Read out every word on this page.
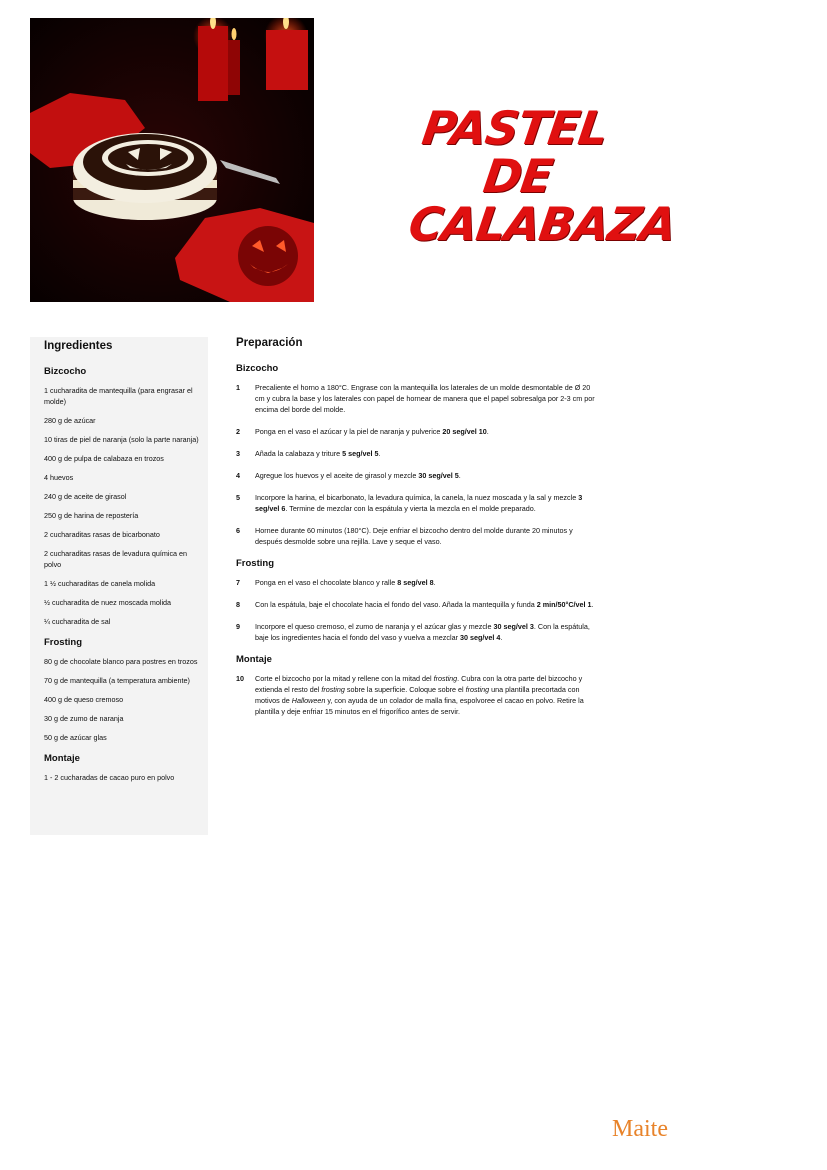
PASTEL
DE
CALABAZA
Ingredientes
Bizcocho
1 cucharadita de mantequilla (para engrasar el molde)
280 g de azúcar
10 tiras de piel de naranja (solo la parte naranja)
400 g de pulpa de calabaza en trozos
4 huevos
240 g de aceite de girasol
250 g de harina de repostería
2 cucharaditas rasas de bicarbonato
2 cucharaditas rasas de levadura química en polvo
1 ½ cucharaditas de canela molida
½ cucharadita de nuez moscada molida
¼ cucharadita de sal
Frosting
80 g de chocolate blanco para postres en trozos
70 g de mantequilla (a temperatura ambiente)
400 g de queso cremoso
30 g de zumo de naranja
50 g de azúcar glas
Montaje
1 - 2 cucharadas de cacao puro en polvo
Preparación
Bizcocho
1 Precaliente el horno a 180°C. Engrase con la mantequilla los laterales de un molde desmontable de Ø 20 cm y cubra la base y los laterales con papel de hornear de manera que el papel sobresalga por 2-3 cm por encima del borde del molde.
2 Ponga en el vaso el azúcar y la piel de naranja y pulverice 20 seg/vel 10.
3 Añada la calabaza y triture 5 seg/vel 5.
4 Agregue los huevos y el aceite de girasol y mezcle 30 seg/vel 5.
5 Incorpore la harina, el bicarbonato, la levadura química, la canela, la nuez moscada y la sal y mezcle 3 seg/vel 6. Termine de mezclar con la espátula y vierta la mezcla en el molde preparado.
6 Hornee durante 60 minutos (180°C). Deje enfriar el bizcocho dentro del molde durante 20 minutos y después desmolde sobre una rejilla. Lave y seque el vaso.
Frosting
7 Ponga en el vaso el chocolate blanco y ralle 8 seg/vel 8.
8 Con la espátula, baje el chocolate hacia el fondo del vaso. Añada la mantequilla y funda 2 min/50°C/vel 1.
9 Incorpore el queso cremoso, el zumo de naranja y el azúcar glas y mezcle 30 seg/vel 3. Con la espátula, baje los ingredientes hacia el fondo del vaso y vuelva a mezclar 30 seg/vel 4.
Montaje
10 Corte el bizcocho por la mitad y rellene con la mitad del frosting. Cubra con la otra parte del bizcocho y extienda el resto del frosting sobre la superficie. Coloque sobre el frosting una plantilla precortada con motivos de Halloween y, con ayuda de un colador de malla fina, espolvoree el cacao en polvo. Retire la plantilla y deje enfriar 15 minutos en el frigorífico antes de servir.
Maite
